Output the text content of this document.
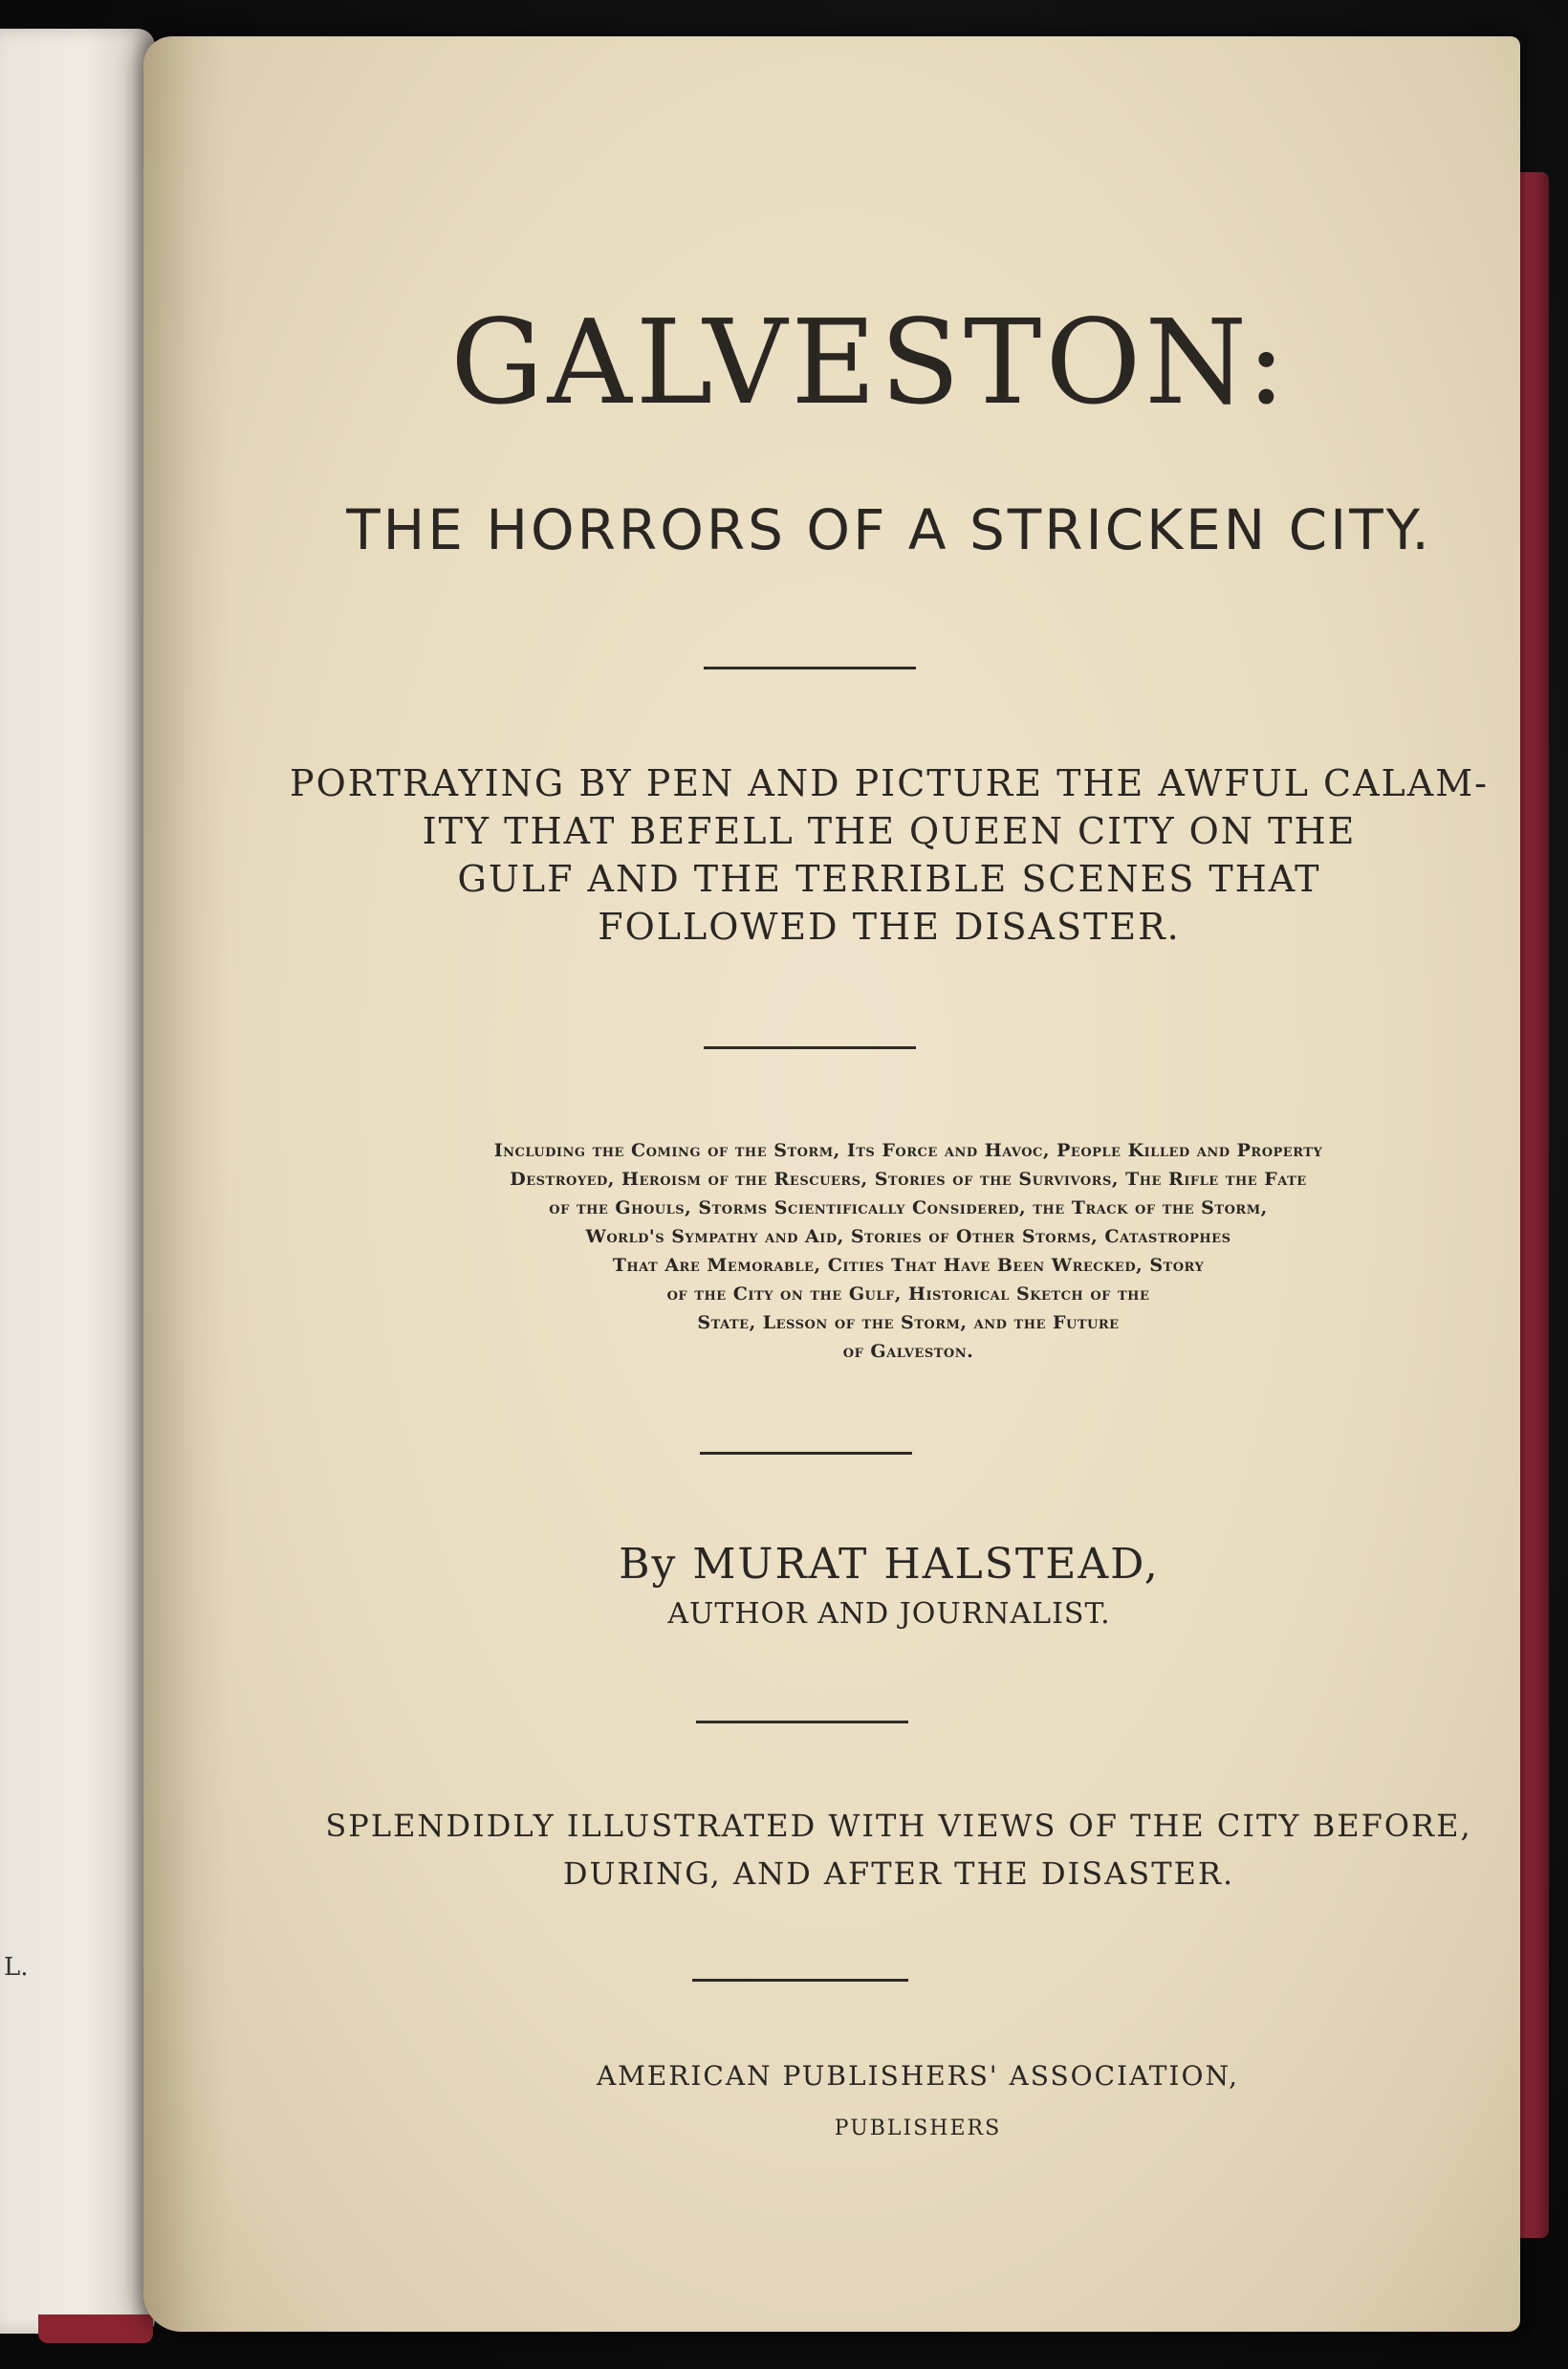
L.
GALVESTON:
THE HORRORS OF A STRICKEN CITY.
PORTRAYING BY PEN AND PICTURE THE AWFUL CALAM-
ITY THAT BEFELL THE QUEEN CITY ON THE
GULF AND THE TERRIBLE SCENES THAT
FOLLOWED THE DISASTER.
Including the Coming of the Storm, Its Force and Havoc, People Killed and Property
Destroyed, Heroism of the Rescuers, Stories of the Survivors, The Rifle the Fate
of the Ghouls, Storms Scientifically Considered, the Track of the Storm,
World's Sympathy and Aid, Stories of Other Storms, Catastrophes
That Are Memorable, Cities That Have Been Wrecked, Story
of the City on the Gulf, Historical Sketch of the
State, Lesson of the Storm, and the Future
of Galveston.
By MURAT HALSTEAD,
AUTHOR AND JOURNALIST.
SPLENDIDLY ILLUSTRATED WITH VIEWS OF THE CITY BEFORE,
DURING, AND AFTER THE DISASTER.
AMERICAN PUBLISHERS' ASSOCIATION,
PUBLISHERS
